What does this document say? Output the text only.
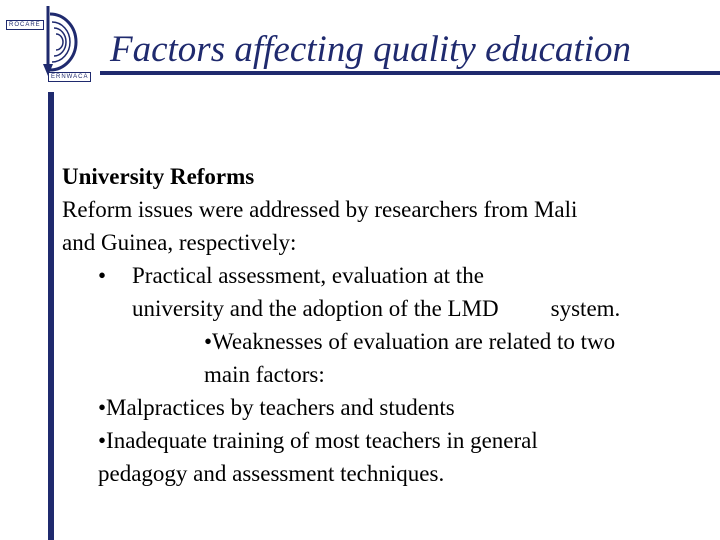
ROCARE
ERNWACA
Factors affecting quality education
University Reforms
Reform issues were addressed by researchers from Mali
and Guinea, respectively:
• Practical assessment, evaluation at the
university and the adoption of the LMD system.
•Weaknesses of evaluation are related to two
main factors:
•Malpractices by teachers and students
•Inadequate training of most teachers in general
pedagogy and assessment techniques.
